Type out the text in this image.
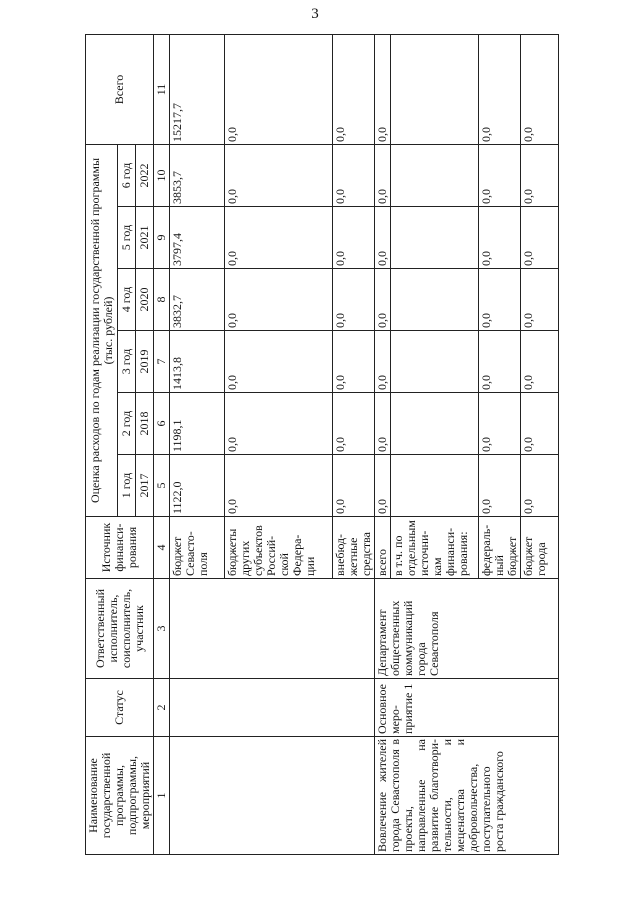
3
Наименование государственной программы, подпрограммы, мероприятий	Статус	Ответственный исполнитель, соисполнитель, участник	Источник финанси-рования	Оценка расходов по годам реализации государственной программы (тыс. рублей)						Всего
				1 год	2 год	3 год	4 год	5 год	6 год	
				2017	2018	2019	2020	2021	2022	
1	2	3	4	5	6	7	8	9	10	11
			бюджет Севасто-поля	1122,0	1198,1	1413,8	3832,7	3797,4	3853,7	15217,7
			бюджеты других субъектов Россий-ской Федера-ции	0,0	0,0	0,0	0,0	0,0	0,0	0,0
			внебюд-жетные средства	0,0	0,0	0,0	0,0	0,0	0,0	0,0
Вовлечение жителей города Севастополя в проекты, направленные на развитие благотвори-тельности, и меценатства и добровольчества, поступательного роста гражданского	Основное меро-приятие 1	Департамент общественных коммуникаций города Севастополя	всего	0,0	0,0	0,0	0,0	0,0	0,0	0,0
			в т.ч. по отдельным источни-кам финанси-рования:							
			федераль-ный бюджет	0,0	0,0	0,0	0,0	0,0	0,0	0,0
			бюджет города	0,0	0,0	0,0	0,0	0,0	0,0	0,0
